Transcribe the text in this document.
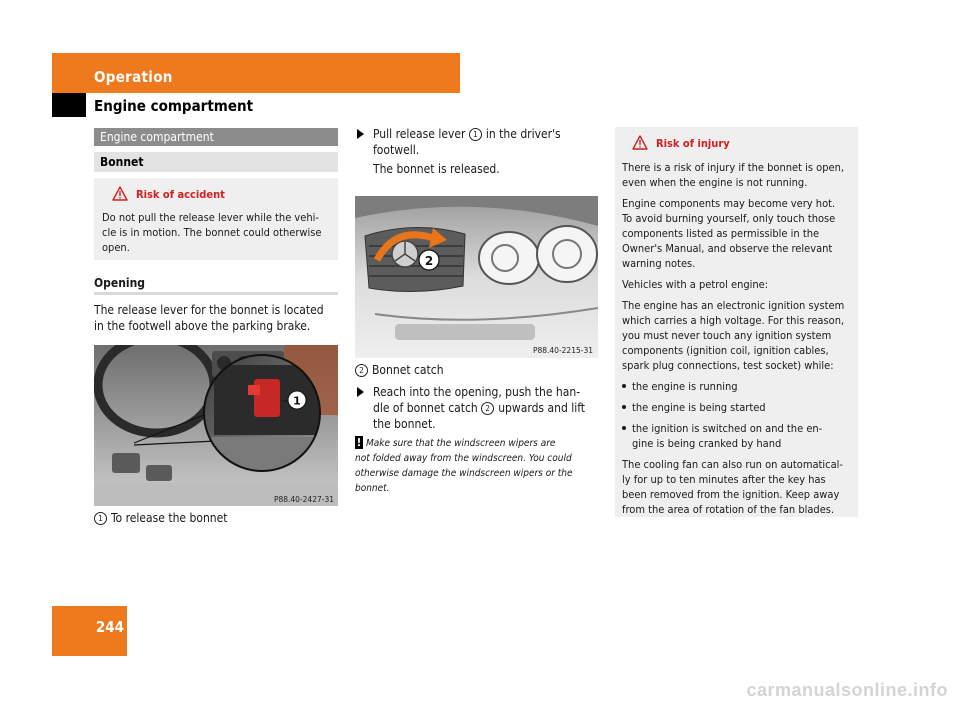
Operation
Engine compartment
244
Engine compartment
Bonnet
Risk of accident
Do not pull the release lever while the vehi-
cle is in motion. The bonnet could otherwise
open.
Opening
The release lever for the bonnet is located
in the footwell above the parking brake.
1
P88.40-2427-31
1 To release the bonnet
Pull release lever 1 in the driver's
footwell.
The bonnet is released.
2
P88.40-2215-31
2 Bonnet catch
Reach into the opening, push the han-
dle of bonnet catch 2 upwards and lift
the bonnet.
! Make sure that the windscreen wipers are
not folded away from the windscreen. You could
otherwise damage the windscreen wipers or the
bonnet.
Risk of injury

There is a risk of injury if the bonnet is open,
even when the engine is not running.

Engine components may become very hot.
To avoid burning yourself, only touch those
components listed as permissible in the
Owner's Manual, and observe the relevant
warning notes.

Vehicles with a petrol engine:

The engine has an electronic ignition system
which carries a high voltage. For this reason,
you must never touch any ignition system
components (ignition coil, ignition cables,
spark plug connections, test socket) while:

the engine is running

the engine is being started

the ignition is switched on and the en-

gine is being cranked by hand

The cooling fan can also run on automatical-
ly for up to ten minutes after the key has
been removed from the ignition. Keep away
from the area of rotation of the fan blades.

carmanualsonline.info
